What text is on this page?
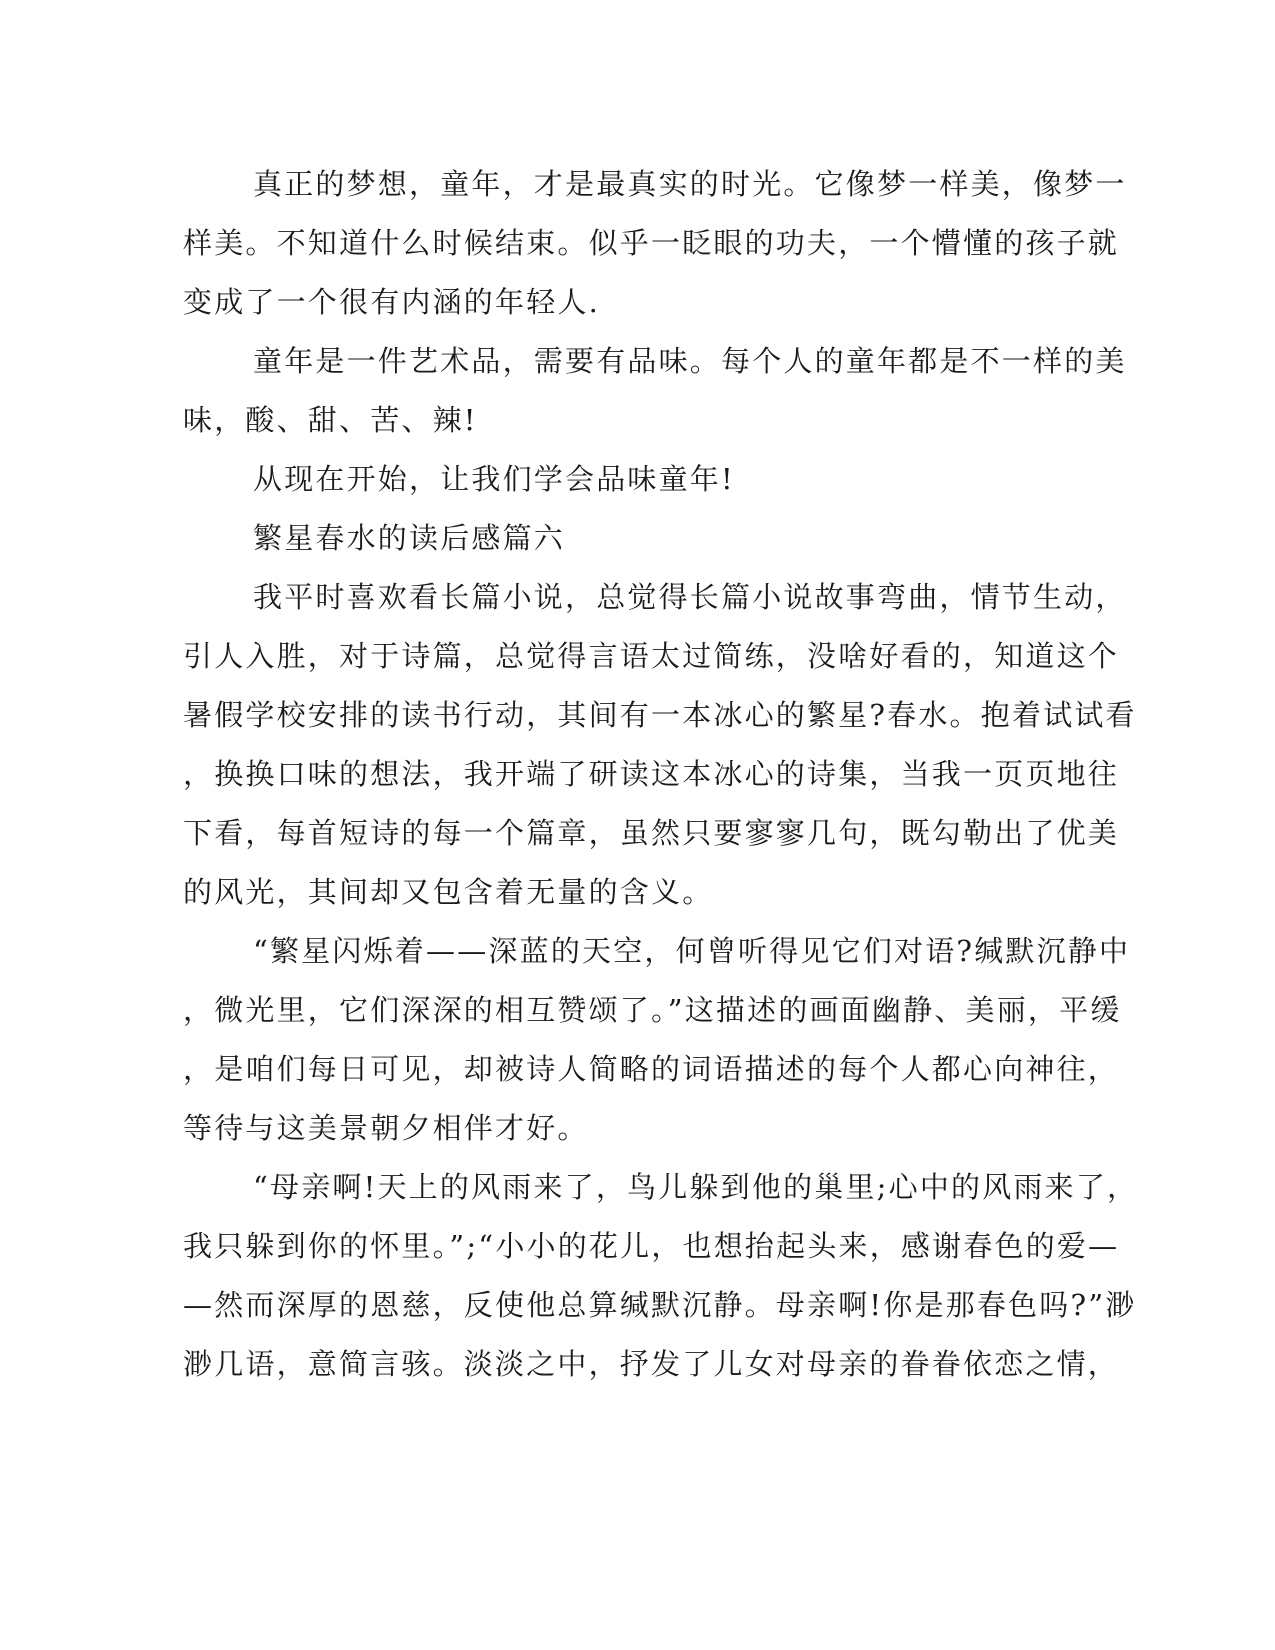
真正的梦想，童年，才是最真实的时光。它像梦一样美，像梦一
样美。不知道什么时候结束。似乎一眨眼的功夫，一个懵懂的孩子就
变成了一个很有内涵的年轻人.
童年是一件艺术品，需要有品味。每个人的童年都是不一样的美
味，酸、甜、苦、辣!
从现在开始，让我们学会品味童年!
繁星春水的读后感篇六
我平时喜欢看长篇小说，总觉得长篇小说故事弯曲，情节生动，
引人入胜，对于诗篇，总觉得言语太过简练，没啥好看的，知道这个
暑假学校安排的读书行动，其间有一本冰心的繁星?春水。抱着试试看
，换换口味的想法，我开端了研读这本冰心的诗集，当我一页页地往
下看，每首短诗的每一个篇章，虽然只要寥寥几句，既勾勒出了优美
的风光，其间却又包含着无量的含义。
“繁星闪烁着——深蓝的天空，何曾听得见它们对语?缄默沉静中
，微光里，它们深深的相互赞颂了。”这描述的画面幽静、美丽，平缓
，是咱们每日可见，却被诗人简略的词语描述的每个人都心向神往，
等待与这美景朝夕相伴才好。
“母亲啊!天上的风雨来了，鸟儿躲到他的巢里;心中的风雨来了，
我只躲到你的怀里。”;“小小的花儿，也想抬起头来，感谢春色的爱—
—然而深厚的恩慈，反使他总算缄默沉静。母亲啊!你是那春色吗?”渺
渺几语，意简言骇。淡淡之中，抒发了儿女对母亲的眷眷依恋之情，
